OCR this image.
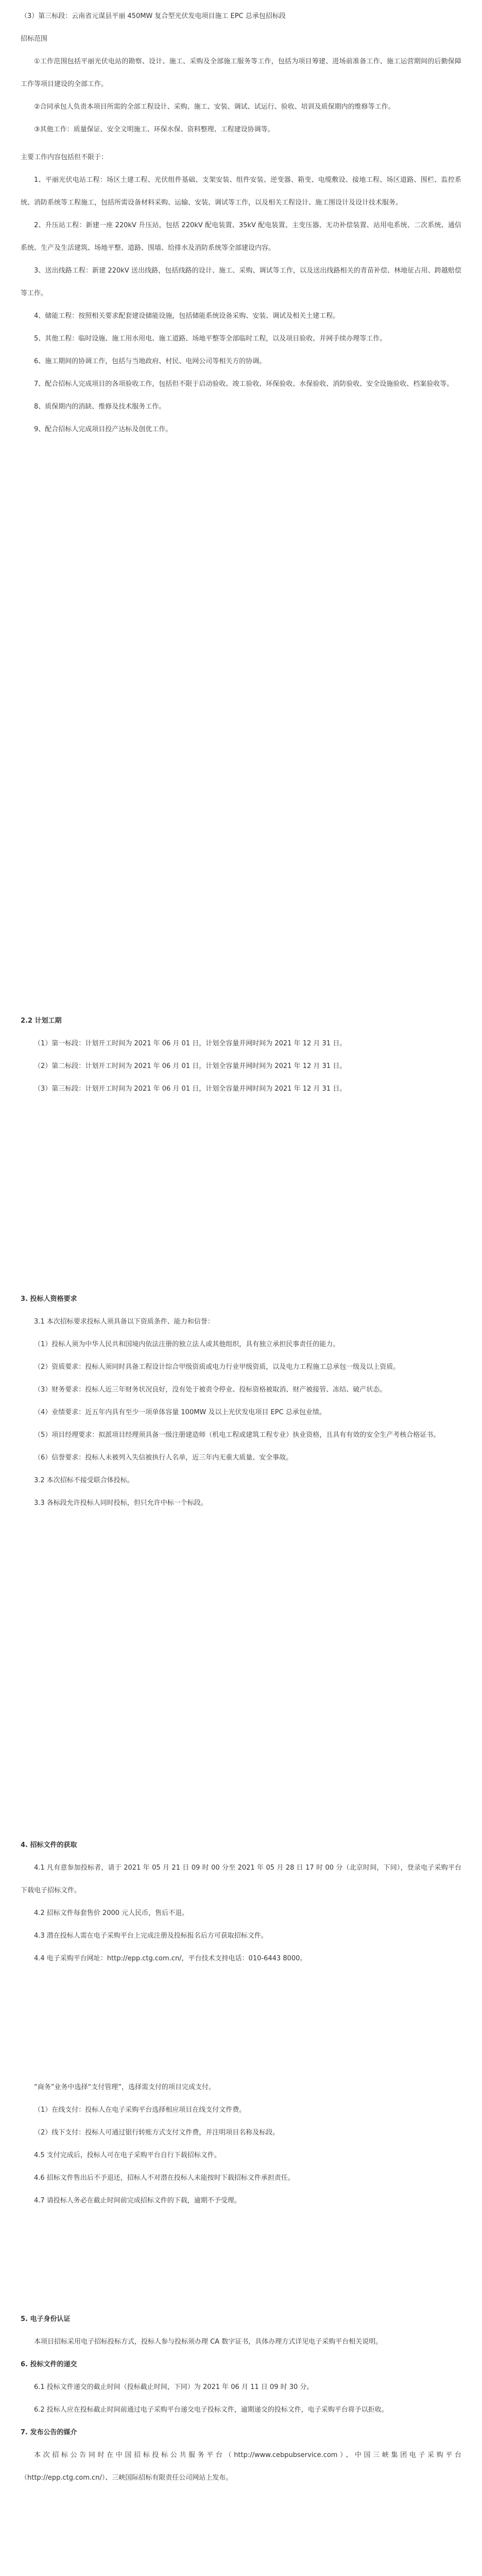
（3）第三标段：云南省元谋县平丽 450MW 复合型光伏发电项目施工 EPC 总承包招标段

招标范围

①工作范围包括平丽光伏电站的勘察、设计、施工、采购及全部施工服务等工作，包括为项目筹建、进场前准备工作、施工运营期间的后勤保障工作等项目建设的全部工作。

②合同承包人负责本项目所需的全部工程设计、采购、施工、安装、调试、试运行、验收、培训及质保期内的维修等工作。

③其他工作：质量保证、安全文明施工、环保水保、资料整理、工程建设协调等。

主要工作内容包括但不限于：

1、平丽光伏电站工程：场区土建工程、光伏组件基础、支架安装、组件安装、逆变器、箱变、电缆敷设、接地工程、场区道路、围栏、监控系统、消防系统等工程施工，包括所需设备材料采购、运输、安装、调试等工作，以及相关工程设计、施工图设计及设计技术服务。

2、升压站工程：新建一座 220kV 升压站，包括 220kV 配电装置、35kV 配电装置、主变压器、无功补偿装置、站用电系统、二次系统、通信系统、生产及生活建筑、场地平整、道路、围墙、给排水及消防系统等全部建设内容。

3、送出线路工程：新建 220kV 送出线路，包括线路的设计、施工、采购、调试等工作，以及送出线路相关的青苗补偿、林地征占用、跨越赔偿等工作。

4、储能工程：按照相关要求配套建设储能设施，包括储能系统设备采购、安装、调试及相关土建工程。

5、其他工程：临时设施、施工用水用电、施工道路、场地平整等全部临时工程，以及项目验收、并网手续办理等工作。

6、施工期间的协调工作，包括与当地政府、村民、电网公司等相关方的协调。

7、配合招标人完成项目的各项验收工作，包括但不限于启动验收、竣工验收、环保验收、水保验收、消防验收、安全设施验收、档案验收等。

8、质保期内的消缺、维修及技术服务工作。

9、配合招标人完成项目投产达标及创优工作。

2.2 计划工期

（1）第一标段：计划开工时间为 2021 年 06 月 01 日，计划全容量并网时间为 2021 年 12 月 31 日。

（2）第二标段：计划开工时间为 2021 年 06 月 01 日，计划全容量并网时间为 2021 年 12 月 31 日。

（3）第三标段：计划开工时间为 2021 年 06 月 01 日，计划全容量并网时间为 2021 年 12 月 31 日。

3. 投标人资格要求

3.1 本次招标要求投标人须具备以下资质条件、能力和信誉：

（1）投标人须为中华人民共和国境内依法注册的独立法人或其他组织，具有独立承担民事责任的能力。

（2）资质要求：投标人须同时具备工程设计综合甲级资质或电力行业甲级资质，以及电力工程施工总承包一级及以上资质。

（3）财务要求：投标人近三年财务状况良好，没有处于被责令停业、投标资格被取消、财产被接管、冻结、破产状态。

（4）业绩要求：近五年内具有至少一项单体容量 100MW 及以上光伏发电项目 EPC 总承包业绩。

（5）项目经理要求：拟派项目经理须具备一级注册建造师（机电工程或建筑工程专业）执业资格，且具有有效的安全生产考核合格证书。

（6）信誉要求：投标人未被列入失信被执行人名单，近三年内无重大质量、安全事故。

3.2 本次招标不接受联合体投标。

3.3 各标段允许投标人同时投标，但只允许中标一个标段。

4. 招标文件的获取

4.1 凡有意参加投标者，请于 2021 年 05 月 21 日 09 时 00 分至 2021 年 05 月 28 日 17 时 00 分（北京时间，下同），登录电子采购平台下载电子招标文件。

4.2 招标文件每套售价 2000 元人民币，售后不退。

4.3 潜在投标人需在电子采购平台上完成注册及投标报名后方可获取招标文件。

4.4 电子采购平台网址：http://epp.ctg.com.cn/，平台技术支持电话：010-6443 8000。

“商务”业务中选择“支付管理”，选择需支付的项目完成支付。

（1）在线支付：投标人在电子采购平台选择相应项目在线支付文件费。

（2）线下支付：投标人可通过银行转账方式支付文件费，并注明项目名称及标段。

4.5 支付完成后，投标人可在电子采购平台自行下载招标文件。

4.6 招标文件售出后不予退还，招标人不对潜在投标人未能按时下载招标文件承担责任。

4.7 请投标人务必在截止时间前完成招标文件的下载，逾期不予受理。

5. 电子身份认证

本项目招标采用电子招标投标方式，投标人参与投标须办理 CA 数字证书，具体办理方式详见电子采购平台相关说明。

6. 投标文件的递交

6.1 投标文件递交的截止时间（投标截止时间，下同）为 2021 年 06 月 11 日 09 时 30 分。

6.2 投标人应在投标截止时间前通过电子采购平台递交电子投标文件，逾期递交的投标文件，电子采购平台将予以拒收。

7. 发布公告的媒介

本次招标公告同时在中国招标投标公共服务平台（http://www.cebpubservice.com）、中国三峡集团电子采购平台（http://epp.ctg.com.cn/）、三峡国际招标有限责任公司网站上发布。
